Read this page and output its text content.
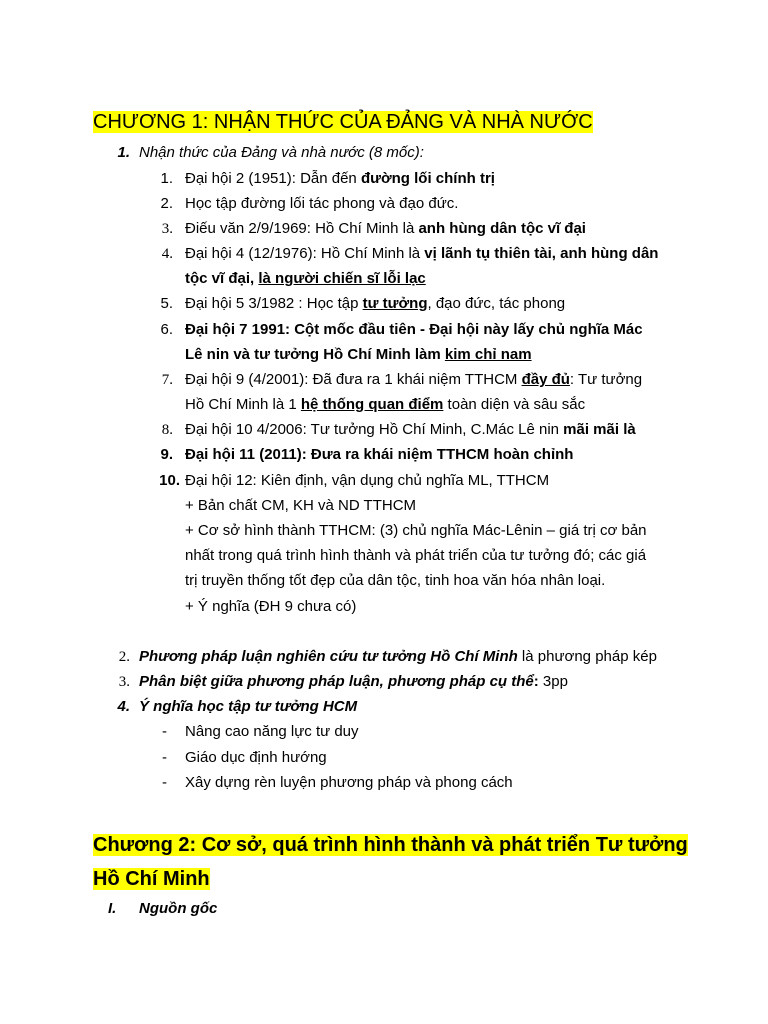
CHƯƠNG 1: NHẬN THỨC CỦA ĐẢNG VÀ NHÀ NƯỚC
1. Nhận thức của Đảng và nhà nước (8 mốc):
1. Đại hội 2 (1951): Dẫn đến đường lối chính trị
2. Học tập đường lối tác phong và đạo đức.
3. Điếu văn 2/9/1969: Hồ Chí Minh là anh hùng dân tộc vĩ đại
4. Đại hội 4 (12/1976): Hồ Chí Minh là vị lãnh tụ thiên tài, anh hùng dân
tộc vĩ đại, là người chiến sĩ lỗi lạc
5. Đại hội 5 3/1982 : Học tập tư tưởng, đạo đức, tác phong
6. Đại hội 7 1991: Cột mốc đầu tiên - Đại hội này lấy chủ nghĩa Mác
Lê nin và tư tưởng Hồ Chí Minh làm kim chỉ nam
7. Đại hội 9 (4/2001): Đã đưa ra 1 khái niệm TTHCM đầy đủ: Tư tưởng
Hồ Chí Minh là 1 hệ thống quan điểm toàn diện và sâu sắc
8. Đại hội 10 4/2006: Tư tưởng Hồ Chí Minh, C.Mác Lê nin mãi mãi là
9. Đại hội 11 (2011): Đưa ra khái niệm TTHCM hoàn chỉnh
10. Đại hội 12: Kiên định, vận dụng chủ nghĩa ML, TTHCM
+ Bản chất CM, KH và ND TTHCM
+ Cơ sở hình thành TTHCM: (3) chủ nghĩa Mác-Lênin – giá trị cơ bản
nhất trong quá trình hình thành và phát triển của tư tưởng đó; các giá
trị truyền thống tốt đẹp của dân tộc, tinh hoa văn hóa nhân loại.
+ Ý nghĩa (ĐH 9 chưa có)
2. Phương pháp luận nghiên cứu tư tưởng Hồ Chí Minh là phương pháp kép
3. Phân biệt giữa phương pháp luận, phương pháp cụ thể: 3pp
4. Ý nghĩa học tập tư tưởng HCM
- Nâng cao năng lực tư duy
- Giáo dục định hướng
- Xây dựng rèn luyện phương pháp và phong cách
Chương 2: Cơ sở, quá trình hình thành và phát triển Tư tưởng Hồ Chí Minh
I. Nguồn gốc
